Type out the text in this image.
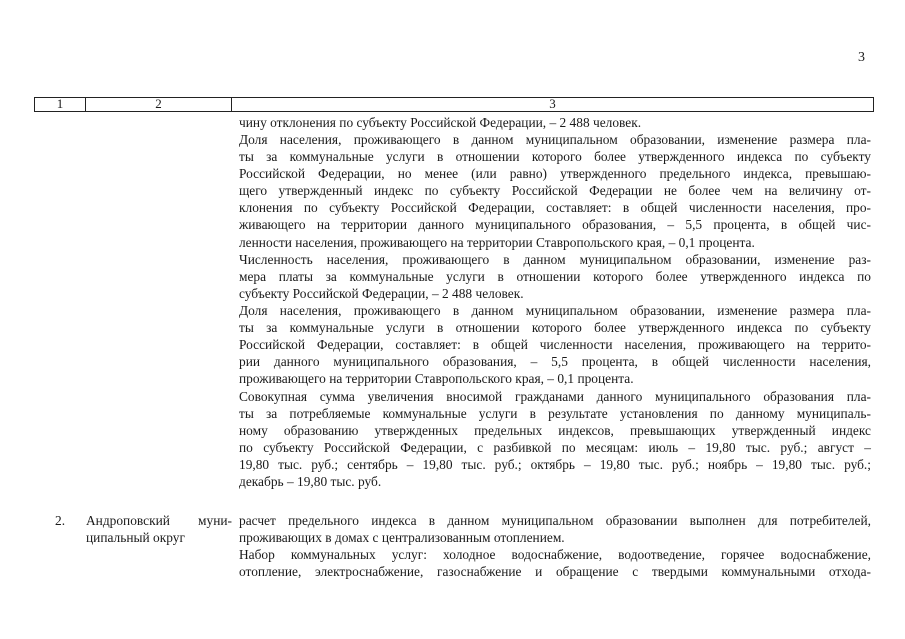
3
1	2	3

чину отклонения по субъекту Российской Федерации, – 2 488 человек.

Доля населения, проживающего в данном муниципальном образовании, изменение размера пла-
ты за коммунальные услуги в отношении которого более утвержденного индекса по субъекту
Российской Федерации, но менее (или равно) утвержденного предельного индекса, превышаю-
щего утвержденный индекс по субъекту Российской Федерации не более чем на величину от-
клонения по субъекту Российской Федерации, составляет: в общей численности населения, про-
живающего на территории данного муниципального образования, – 5,5 процента, в общей чис-
ленности населения, проживающего на территории Ставропольского края, – 0,1 процента.

Численность населения, проживающего в данном муниципальном образовании, изменение раз-
мера платы за коммунальные услуги в отношении которого более утвержденного индекса по
субъекту Российской Федерации, – 2 488 человек.

Доля населения, проживающего в данном муниципальном образовании, изменение размера пла-
ты за коммунальные услуги в отношении которого более утвержденного индекса по субъекту
Российской Федерации, составляет: в общей численности населения, проживающего на террито-
рии данного муниципального образования, – 5,5 процента, в общей численности населения,
проживающего на территории Ставропольского края, – 0,1 процента.

Совокупная сумма увеличения вносимой гражданами данного муниципального образования пла-
ты за потребляемые коммунальные услуги в результате установления по данному муниципаль-
ному образованию утвержденных предельных индексов, превышающих утвержденный индекс
по субъекту Российской Федерации, с разбивкой по месяцам: июль – 19,80 тыс. руб.; август –
19,80 тыс. руб.; сентябрь – 19,80 тыс. руб.; октябрь – 19,80 тыс. руб.; ноябрь – 19,80 тыс. руб.;
декабрь – 19,80 тыс. руб.

2. Андроповский муни-
ципальный округ

расчет предельного индекса в данном муниципальном образовании выполнен для потребителей,
проживающих в домах с централизованным отоплением.

Набор коммунальных услуг: холодное водоснабжение, водоотведение, горячее водоснабжение,
отопление, электроснабжение, газоснабжение и обращение с твердыми коммунальными отхода-
